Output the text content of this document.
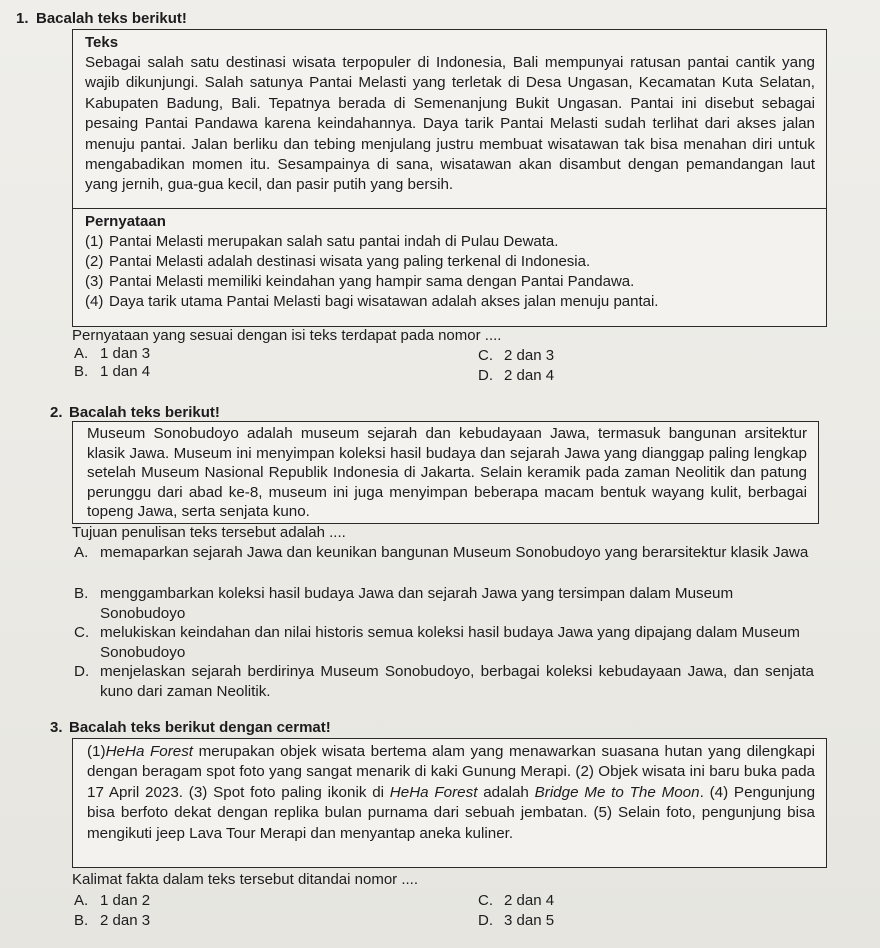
1. Bacalah teks berikut!
Teks
Sebagai salah satu destinasi wisata terpopuler di Indonesia, Bali mempunyai ratusan pantai cantik yang wajib dikunjungi. Salah satunya Pantai Melasti yang terletak di Desa Ungasan, Kecamatan Kuta Selatan, Kabupaten Badung, Bali. Tepatnya berada di Semenanjung Bukit Ungasan. Pantai ini disebut sebagai pesaing Pantai Pandawa karena keindahannya. Daya tarik Pantai Melasti sudah terlihat dari akses jalan menuju pantai. Jalan berliku dan tebing menjulang justru membuat wisatawan tak bisa menahan diri untuk mengabadikan momen itu. Sesampainya di sana, wisatawan akan disambut dengan pemandangan laut yang jernih, gua-gua kecil, dan pasir putih yang bersih.
Pernyataan
(1) Pantai Melasti merupakan salah satu pantai indah di Pulau Dewata.
(2) Pantai Melasti adalah destinasi wisata yang paling terkenal di Indonesia.
(3) Pantai Melasti memiliki keindahan yang hampir sama dengan Pantai Pandawa.
(4) Daya tarik utama Pantai Melasti bagi wisatawan adalah akses jalan menuju pantai.
Pernyataan yang sesuai dengan isi teks terdapat pada nomor ....
A. 1 dan 3
B. 1 dan 4
C. 2 dan 3
D. 2 dan 4
2. Bacalah teks berikut!
Museum Sonobudoyo adalah museum sejarah dan kebudayaan Jawa, termasuk bangunan arsitektur klasik Jawa. Museum ini menyimpan koleksi hasil budaya dan sejarah Jawa yang dianggap paling lengkap setelah Museum Nasional Republik Indonesia di Jakarta. Selain keramik pada zaman Neolitik dan patung perunggu dari abad ke-8, museum ini juga menyimpan beberapa macam bentuk wayang kulit, berbagai topeng Jawa, serta senjata kuno.
Tujuan penulisan teks tersebut adalah ....
A. memaparkan sejarah Jawa dan keunikan bangunan Museum Sonobudoyo yang berarsitektur klasik Jawa
B. menggambarkan koleksi hasil budaya Jawa dan sejarah Jawa yang tersimpan dalam Museum Sonobudoyo
C. melukiskan keindahan dan nilai historis semua koleksi hasil budaya Jawa yang dipajang dalam Museum Sonobudoyo
D. menjelaskan sejarah berdirinya Museum Sonobudoyo, berbagai koleksi kebudayaan Jawa, dan senjata kuno dari zaman Neolitik.
3. Bacalah teks berikut dengan cermat!
(1)HeHa Forest merupakan objek wisata bertema alam yang menawarkan suasana hutan yang dilengkapi dengan beragam spot foto yang sangat menarik di kaki Gunung Merapi. (2) Objek wisata ini baru buka pada 17 April 2023. (3) Spot foto paling ikonik di HeHa Forest adalah Bridge Me to The Moon. (4) Pengunjung bisa berfoto dekat dengan replika bulan purnama dari sebuah jembatan. (5) Selain foto, pengunjung bisa mengikuti jeep Lava Tour Merapi dan menyantap aneka kuliner.
Kalimat fakta dalam teks tersebut ditandai nomor ....
A. 1 dan 2
B. 2 dan 3
C. 2 dan 4
D. 3 dan 5
